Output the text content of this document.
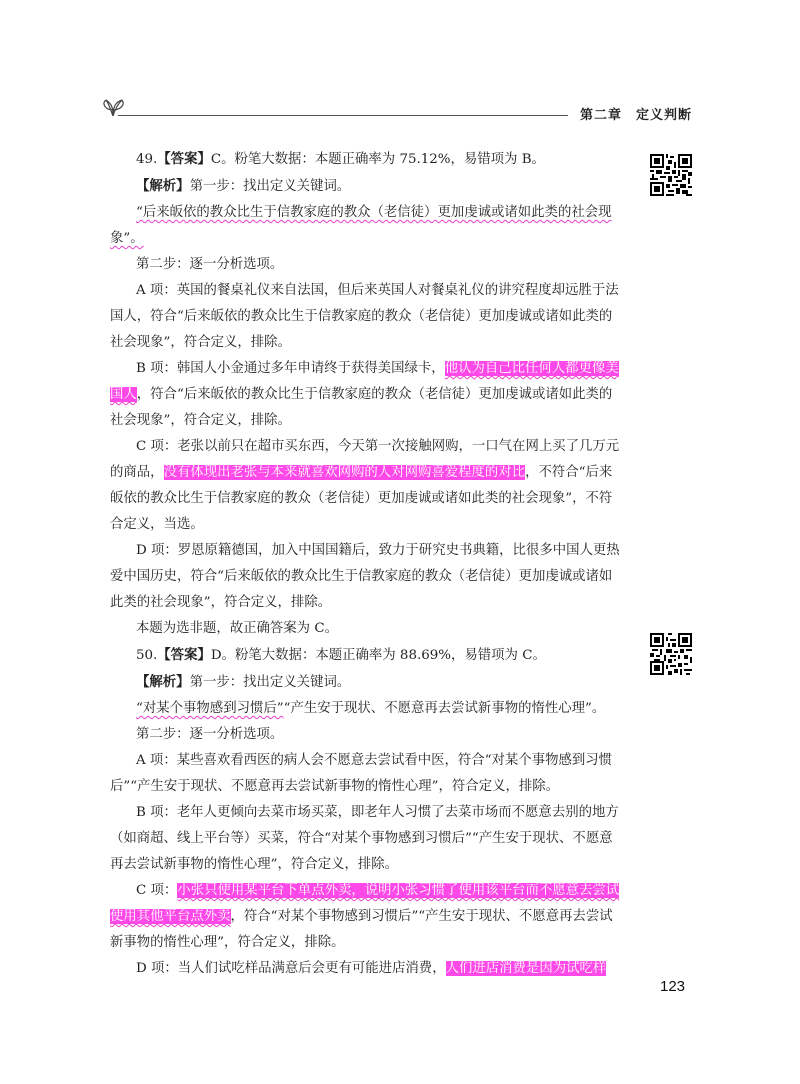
第二章 定义判断

49.【答案】C。粉笔大数据：本题正确率为 75.12%，易错项为 B。

【解析】第一步：找出定义关键词。

“后来皈依的教众比生于信教家庭的教众（老信徒）更加虔诚或诸如此类的社会现象”。

第二步：逐一分析选项。

A 项：英国的餐桌礼仪来自法国，但后来英国人对餐桌礼仪的讲究程度却远胜于法国人，符合“后来皈依的教众比生于信教家庭的教众（老信徒）更加虔诚或诸如此类的社会现象”，符合定义，排除。

B 项：韩国人小金通过多年申请终于获得美国绿卡，他认为自己比任何人都更像美国人，符合“后来皈依的教众比生于信教家庭的教众（老信徒）更加虔诚或诸如此类的社会现象”，符合定义，排除。

C 项：老张以前只在超市买东西，今天第一次接触网购，一口气在网上买了几万元的商品，没有体现出老张与本来就喜欢网购的人对网购喜爱程度的对比，不符合“后来皈依的教众比生于信教家庭的教众（老信徒）更加虔诚或诸如此类的社会现象”，不符合定义，当选。

D 项：罗恩原籍德国，加入中国国籍后，致力于研究史书典籍，比很多中国人更热爱中国历史，符合“后来皈依的教众比生于信教家庭的教众（老信徒）更加虔诚或诸如此类的社会现象”，符合定义，排除。

本题为选非题，故正确答案为 C。

50.【答案】D。粉笔大数据：本题正确率为 88.69%，易错项为 C。

【解析】第一步：找出定义关键词。

“对某个事物感到习惯后”“产生安于现状、不愿意再去尝试新事物的惰性心理”。

第二步：逐一分析选项。

A 项：某些喜欢看西医的病人会不愿意去尝试看中医，符合“对某个事物感到习惯后”“产生安于现状、不愿意再去尝试新事物的惰性心理”，符合定义，排除。

B 项：老年人更倾向去菜市场买菜，即老年人习惯了去菜市场而不愿意去别的地方（如商超、线上平台等）买菜，符合“对某个事物感到习惯后”“产生安于现状、不愿意再去尝试新事物的惰性心理”，符合定义，排除。

C 项：小张只使用某平台下单点外卖，说明小张习惯了使用该平台而不愿意去尝试使用其他平台点外卖，符合“对某个事物感到习惯后”“产生安于现状、不愿意再去尝试新事物的惰性心理”，符合定义，排除。

D 项：当人们试吃样品满意后会更有可能进店消费，人们进店消费是因为试吃样

123
